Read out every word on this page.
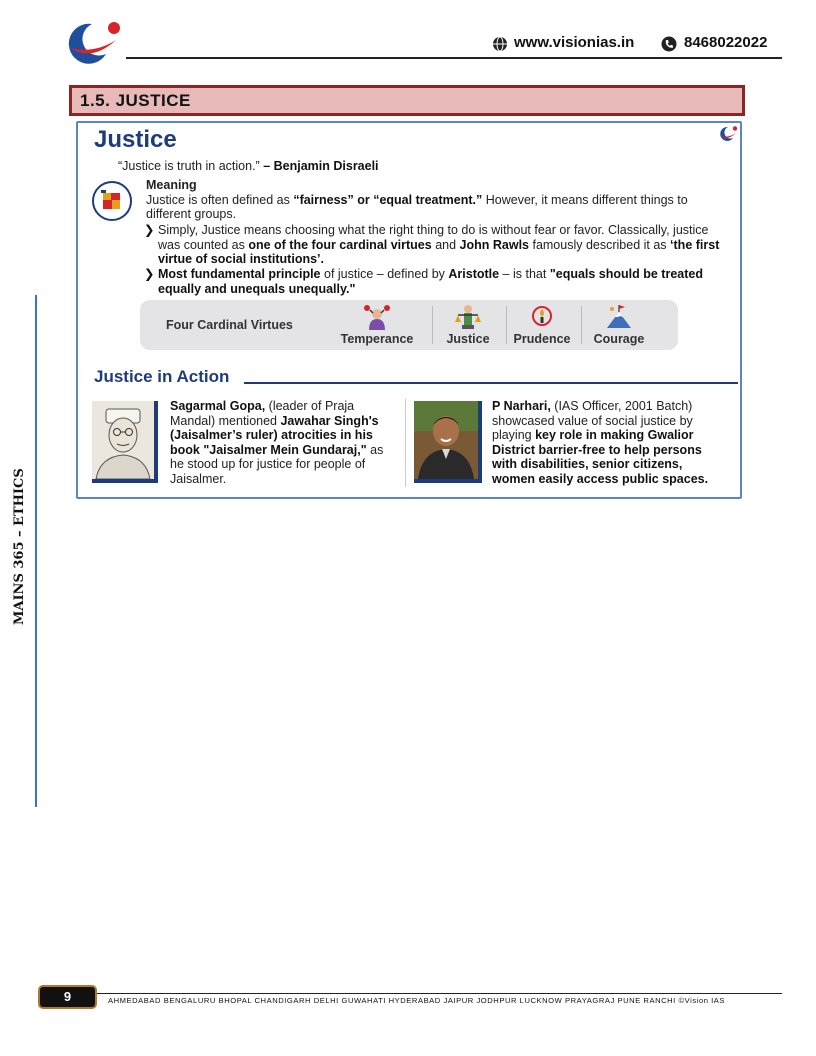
www.visionias.in	8468022022
1.5. JUSTICE
MAINS 365 – ETHICS
Justice
“Justice is truth in action.” – Benjamin Disraeli
Meaning
Justice is often defined as “fairness” or “equal treatment.” However, it means different things to different groups.
❯ Simply, Justice means choosing what the right thing to do is without fear or favor. Classically, justice was counted as one of the four cardinal virtues and John Rawls famously described it as ‘the first virtue of social institutions’.
❯ Most fundamental principle of justice – defined by Aristotle – is that "equals should be treated equally and unequals unequally."
Four Cardinal Virtues
Temperance	Justice	Prudence	Courage
Justice in Action
Sagarmal Gopa, (leader of Praja Mandal) mentioned Jawahar Singh's (Jaisalmer’s ruler) atrocities in his book "Jaisalmer Mein Gundaraj," as he stood up for justice for people of Jaisalmer.
P Narhari, (IAS Officer, 2001 Batch) showcased value of social justice by playing key role in making Gwalior District barrier-free to help persons with disabilities, senior citizens, women easily access public spaces.
9	AHMEDABAD BENGALURU BHOPAL CHANDIGARH DELHI GUWAHATI HYDERABAD JAIPUR JODHPUR LUCKNOW PRAYAGRAJ PUNE RANCHI ©Vision IAS
